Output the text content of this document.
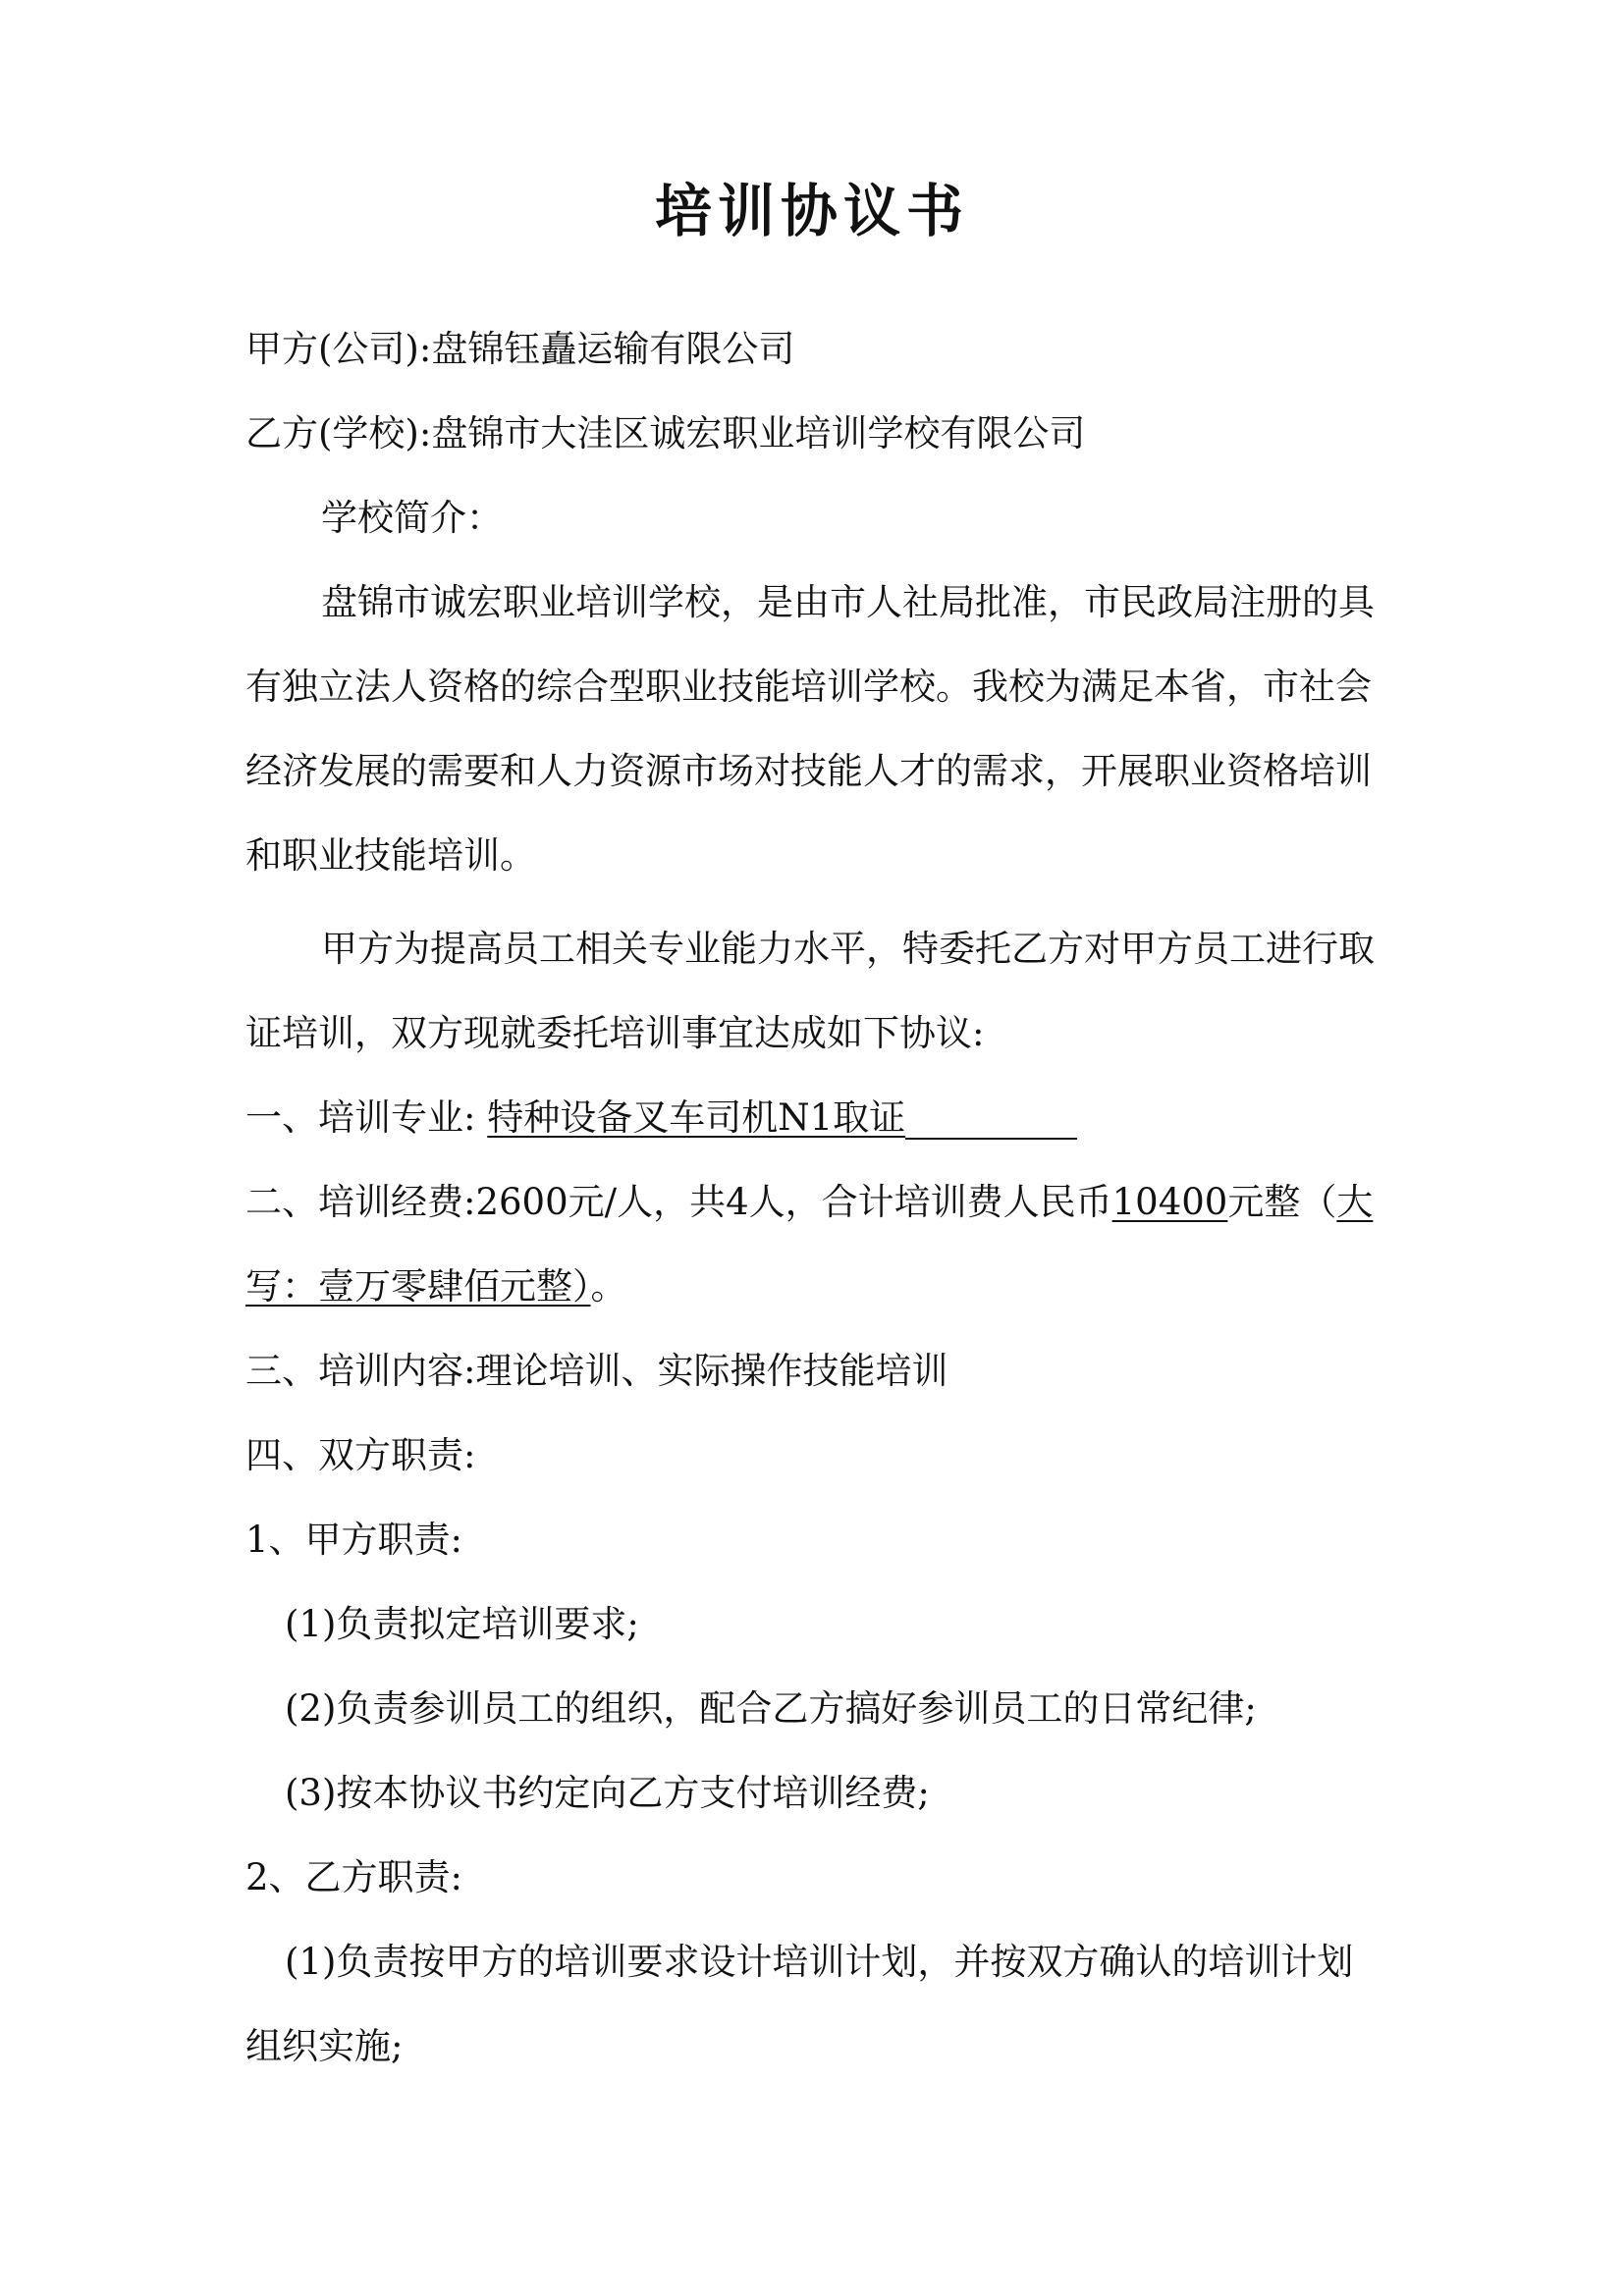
培训协议书
甲方(公司):盘锦钰矗运输有限公司
乙方(学校):盘锦市大洼区诚宏职业培训学校有限公司
学校简介：
盘锦市诚宏职业培训学校，是由市人社局批准，市民政局注册的具
有独立法人资格的综合型职业技能培训学校。我校为满足本省，市社会
经济发展的需要和人力资源市场对技能人才的需求，开展职业资格培训
和职业技能培训。
甲方为提高员工相关专业能力水平，特委托乙方对甲方员工进行取
证培训，双方现就委托培训事宜达成如下协议:
一、培训专业: 特种设备叉车司机N1取证
二、培训经费:2600元/人，共4人，合计培训费人民币10400元整（大
写：壹万零肆佰元整）。
三、培训内容:理论培训、实际操作技能培训
四、双方职责:
1、甲方职责:
(1)负责拟定培训要求;
(2)负责参训员工的组织，配合乙方搞好参训员工的日常纪律;
(3)按本协议书约定向乙方支付培训经费;
2、乙方职责:
(1)负责按甲方的培训要求设计培训计划，并按双方确认的培训计划
组织实施;
